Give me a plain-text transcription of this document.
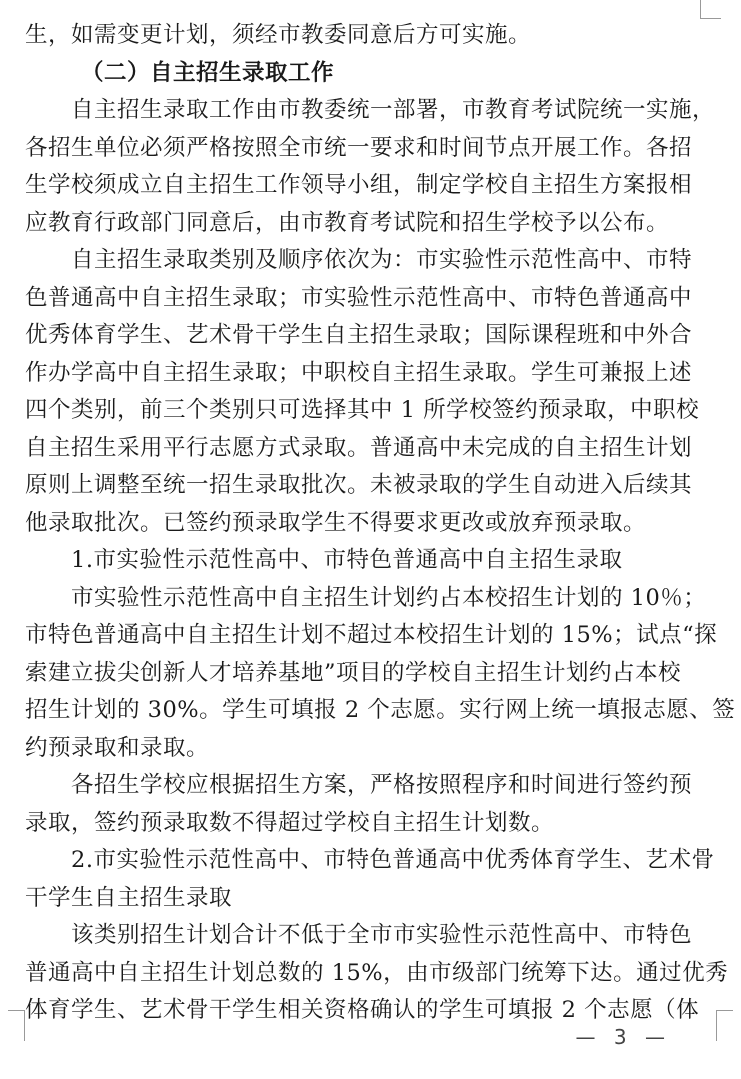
生，如需变更计划，须经市教委同意后方可实施。
（二）自主招生录取工作
自主招生录取工作由市教委统一部署，市教育考试院统一实施，
各招生单位必须严格按照全市统一要求和时间节点开展工作。各招
生学校须成立自主招生工作领导小组，制定学校自主招生方案报相
应教育行政部门同意后，由市教育考试院和招生学校予以公布。
自主招生录取类别及顺序依次为：市实验性示范性高中、市特
色普通高中自主招生录取；市实验性示范性高中、市特色普通高中
优秀体育学生、艺术骨干学生自主招生录取；国际课程班和中外合
作办学高中自主招生录取；中职校自主招生录取。学生可兼报上述
四个类别，前三个类别只可选择其中 1 所学校签约预录取，中职校
自主招生采用平行志愿方式录取。普通高中未完成的自主招生计划
原则上调整至统一招生录取批次。未被录取的学生自动进入后续其
他录取批次。已签约预录取学生不得要求更改或放弃预录取。
1.市实验性示范性高中、市特色普通高中自主招生录取
市实验性示范性高中自主招生计划约占本校招生计划的 10％；
市特色普通高中自主招生计划不超过本校招生计划的 15%；试点“探
索建立拔尖创新人才培养基地”项目的学校自主招生计划约占本校
招生计划的 30%。学生可填报 2 个志愿。实行网上统一填报志愿、签
约预录取和录取。
各招生学校应根据招生方案，严格按照程序和时间进行签约预
录取，签约预录取数不得超过学校自主招生计划数。
2.市实验性示范性高中、市特色普通高中优秀体育学生、艺术骨
干学生自主招生录取
该类别招生计划合计不低于全市市实验性示范性高中、市特色
普通高中自主招生计划总数的 15%，由市级部门统筹下达。通过优秀
体育学生、艺术骨干学生相关资格确认的学生可填报 2 个志愿（体
— 3 —
